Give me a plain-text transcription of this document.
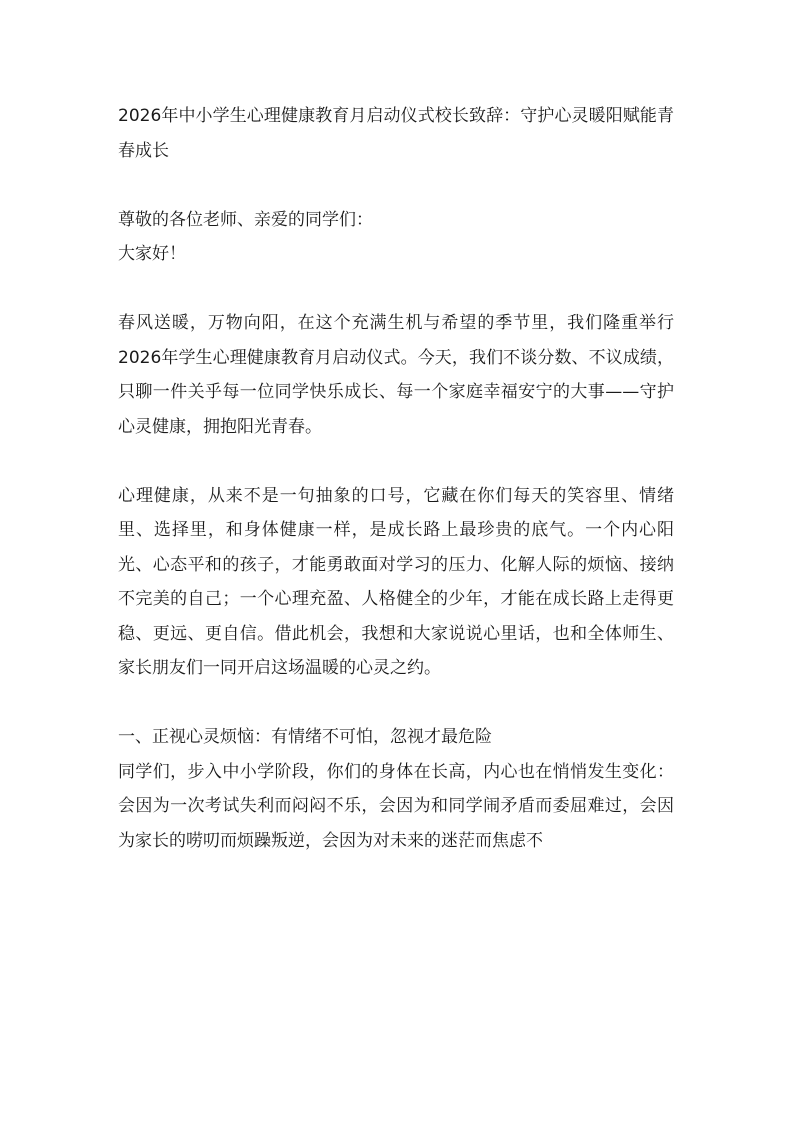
2026年中小学生心理健康教育月启动仪式校长致辞：守护心灵暖阳赋能青春成长

尊敬的各位老师、亲爱的同学们：

大家好！

春风送暖，万物向阳，在这个充满生机与希望的季节里，我们隆重举行2026年学生心理健康教育月启动仪式。今天，我们不谈分数、不议成绩，只聊一件关乎每一位同学快乐成长、每一个家庭幸福安宁的大事——守护心灵健康，拥抱阳光青春。

心理健康，从来不是一句抽象的口号，它藏在你们每天的笑容里、情绪里、选择里，和身体健康一样，是成长路上最珍贵的底气。一个内心阳光、心态平和的孩子，才能勇敢面对学习的压力、化解人际的烦恼、接纳不完美的自己；一个心理充盈、人格健全的少年，才能在成长路上走得更稳、更远、更自信。借此机会，我想和大家说说心里话，也和全体师生、家长朋友们一同开启这场温暖的心灵之约。

一、正视心灵烦恼：有情绪不可怕，忽视才最危险

同学们，步入中小学阶段，你们的身体在长高，内心也在悄悄发生变化：会因为一次考试失利而闷闷不乐，会因为和同学闹矛盾而委屈难过，会因为家长的唠叨而烦躁叛逆，会因为对未来的迷茫而焦虑不
